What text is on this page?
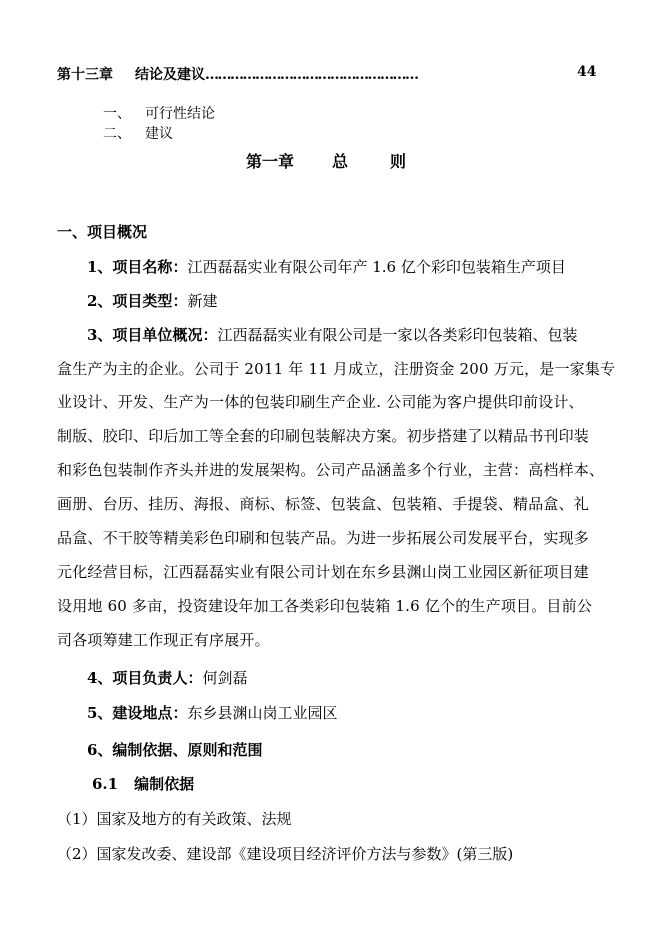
第十三章 结论及建议……………………………………………	44
一、 可行性结论
二、 建议
第一章 总	则
一、项目概况
1、项目名称：江西磊磊实业有限公司年产 1.6 亿个彩印包装箱生产项目
2、项目类型：新建
3、项目单位概况：江西磊磊实业有限公司是一家以各类彩印包装箱、包装
盒生产为主的企业。公司于 2011 年 11 月成立，注册资金 200 万元，是一家集专
业设计、开发、生产为一体的包装印刷生产企业. 公司能为客户提供印前设计、
制版、胶印、印后加工等全套的印刷包装解决方案。初步搭建了以精品书刊印装
和彩色包装制作齐头并进的发展架构。公司产品涵盖多个行业，主营：高档样本、
画册、台历、挂历、海报、商标、标签、包装盒、包装箱、手提袋、精品盒、礼
品盒、不干胶等精美彩色印刷和包装产品。为进一步拓展公司发展平台，实现多
元化经营目标，江西磊磊实业有限公司计划在东乡县渊山岗工业园区新征项目建
设用地 60 多亩，投资建设年加工各类彩印包装箱 1.6 亿个的生产项目。目前公
司各项筹建工作现正有序展开。
4、项目负责人：何剑磊
5、建设地点：东乡县渊山岗工业园区
6、编制依据、原则和范围
6.1 编制依据
（1）国家及地方的有关政策、法规
（2）国家发改委、建设部《建设项目经济评价方法与参数》(第三版)
